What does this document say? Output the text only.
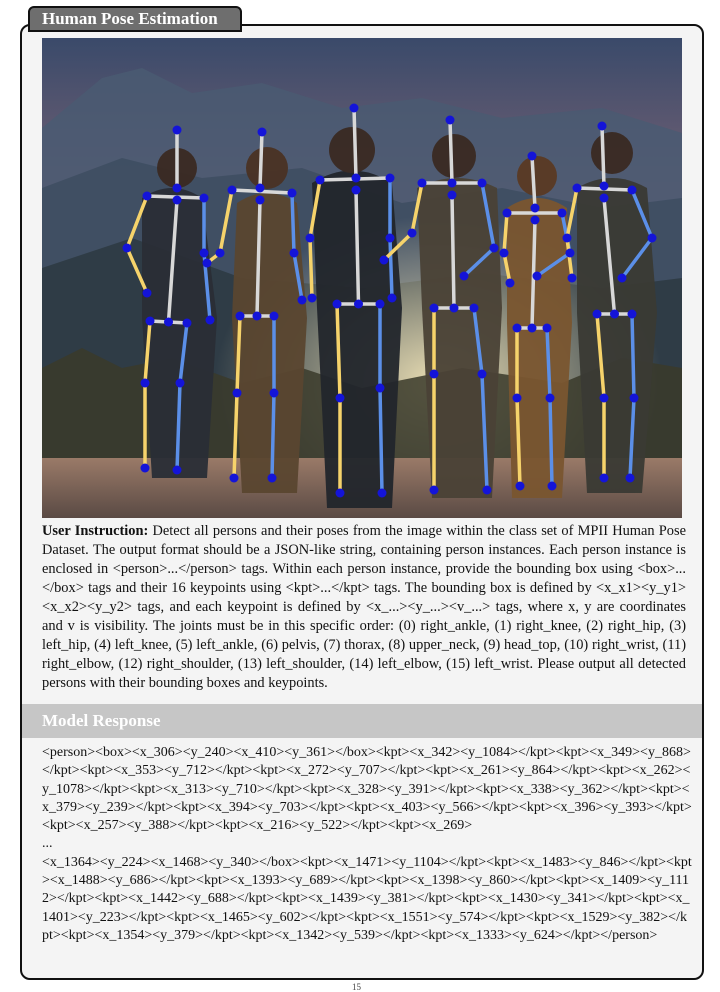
Human Pose Estimation
User Instruction: Detect all persons and their poses from the image within the class set of MPII Human Pose Dataset. The output format should be a JSON-like string, containing person instances. Each person instance is enclosed in <person>...</person> tags. Within each person instance, provide the bounding box using <box>...</box> tags and their 16 keypoints using <kpt>...</kpt> tags. The bounding box is defined by <x_x1><y_y1><x_x2><y_y2> tags, and each keypoint is defined by <x_...><y_...><v_...> tags, where x, y are coordinates and v is visibility. The joints must be in this specific order: (0) right_ankle, (1) right_knee, (2) right_hip, (3) left_hip, (4) left_knee, (5) left_ankle, (6) pelvis, (7) thorax, (8) upper_neck, (9) head_top, (10) right_wrist, (11) right_elbow, (12) right_shoulder, (13) left_shoulder, (14) left_elbow, (15) left_wrist. Please output all detected persons with their bounding boxes and keypoints.
Model Response

<person><box><x_306><y_240><x_410><y_361></box><kpt><x_342><y_1084></kpt><kpt><x_349><y_868></kpt><kpt><x_353><y_712></kpt><kpt><x_272><y_707></kpt><kpt><x_261><y_864></kpt><kpt><x_262><y_1078></kpt><kpt><x_313><y_710></kpt><kpt><x_328><y_391></kpt><kpt><x_338><y_362></kpt><kpt><x_379><y_239></kpt><kpt><x_394><y_703></kpt><kpt><x_403><y_566></kpt><kpt><x_396><y_393></kpt><kpt><x_257><y_388></kpt><kpt><x_216><y_522></kpt><kpt><x_269>

...

<x_1364><y_224><x_1468><y_340></box><kpt><x_1471><y_1104></kpt><kpt><x_1483><y_846></kpt><kpt><x_1488><y_686></kpt><kpt><x_1393><y_689></kpt><kpt><x_1398><y_860></kpt><kpt><x_1409><y_1112></kpt><kpt><x_1442><y_688></kpt><kpt><x_1439><y_381></kpt><kpt><x_1430><y_341></kpt><kpt><x_1401><y_223></kpt><kpt><x_1465><y_602></kpt><kpt><x_1551><y_574></kpt><kpt><x_1529><y_382></kpt><kpt><x_1354><y_379></kpt><kpt><x_1342><y_539></kpt><kpt><x_1333><y_624></kpt></person>

15
